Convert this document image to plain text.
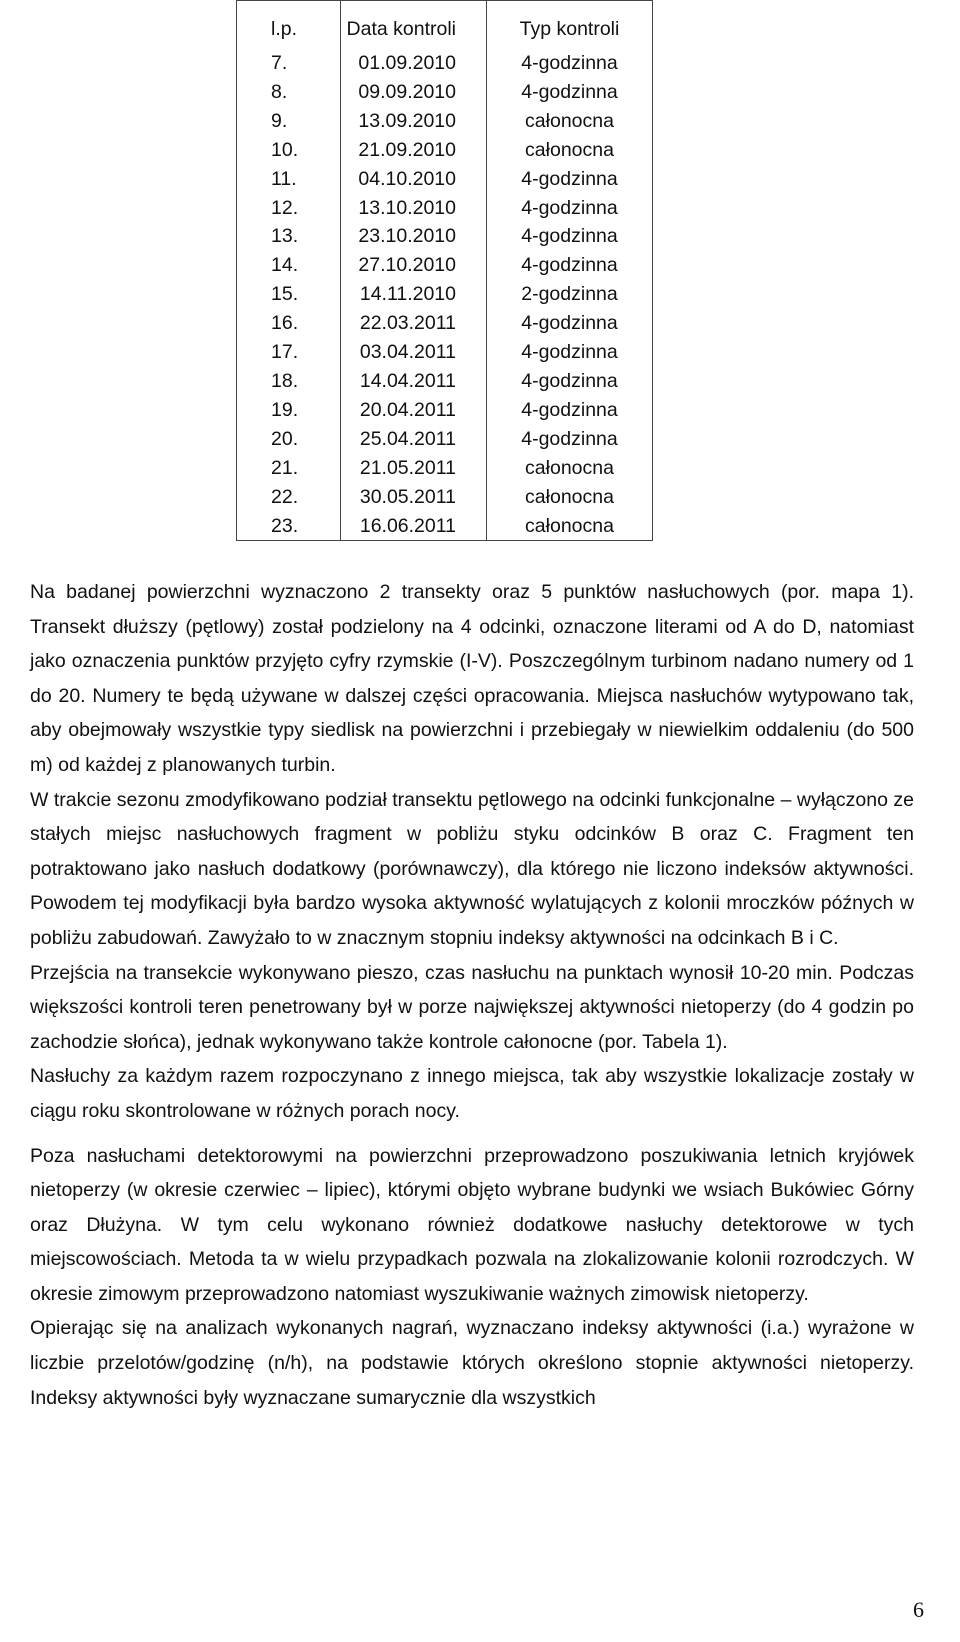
l.p.	Data kontroli	Typ kontroli
7.	01.09.2010	4-godzinna
8.	09.09.2010	4-godzinna
9.	13.09.2010	całonocna
10.	21.09.2010	całonocna
11.	04.10.2010	4-godzinna
12.	13.10.2010	4-godzinna
13.	23.10.2010	4-godzinna
14.	27.10.2010	4-godzinna
15.	14.11.2010	2-godzinna
16.	22.03.2011	4-godzinna
17.	03.04.2011	4-godzinna
18.	14.04.2011	4-godzinna
19.	20.04.2011	4-godzinna
20.	25.04.2011	4-godzinna
21.	21.05.2011	całonocna
22.	30.05.2011	całonocna
23.	16.06.2011	całonocna

Na badanej powierzchni wyznaczono 2 transekty oraz 5 punktów nasłuchowych (por. mapa 1). Transekt dłuższy (pętlowy) został podzielony na 4 odcinki, oznaczone literami od A do D, natomiast jako oznaczenia punktów przyjęto cyfry rzymskie (I-V). Poszczególnym turbinom nadano numery od 1 do 20. Numery te będą używane w dalszej części opracowania. Miejsca nasłuchów wytypowano tak, aby obejmowały wszystkie typy siedlisk na powierzchni i przebiegały w niewielkim oddaleniu (do 500 m) od każdej z planowanych turbin.

W trakcie sezonu zmodyfikowano podział transektu pętlowego na odcinki funkcjonalne – wyłączono ze stałych miejsc nasłuchowych fragment w pobliżu styku odcinków B oraz C. Fragment ten potraktowano jako nasłuch dodatkowy (porównawczy), dla którego nie liczono indeksów aktywności. Powodem tej modyfikacji była bardzo wysoka aktywność wylatujących z kolonii mroczków późnych w pobliżu zabudowań. Zawyżało to w znacznym stopniu indeksy aktywności na odcinkach B i C.

Przejścia na transekcie wykonywano pieszo, czas nasłuchu na punktach wynosił 10-20 min. Podczas większości kontroli teren penetrowany był w porze największej aktywności nietoperzy (do 4 godzin po zachodzie słońca), jednak wykonywano także kontrole całonocne (por. Tabela 1).

Nasłuchy za każdym razem rozpoczynano z innego miejsca, tak aby wszystkie lokalizacje zostały w ciągu roku skontrolowane w różnych porach nocy.

Poza nasłuchami detektorowymi na powierzchni przeprowadzono poszukiwania letnich kryjówek nietoperzy (w okresie czerwiec – lipiec), którymi objęto wybrane budynki we wsiach Bukówiec Górny oraz Dłużyna. W tym celu wykonano również dodatkowe nasłuchy detektorowe w tych miejscowościach. Metoda ta w wielu przypadkach pozwala na zlokalizowanie kolonii rozrodczych. W okresie zimowym przeprowadzono natomiast wyszukiwanie ważnych zimowisk nietoperzy.

Opierając się na analizach wykonanych nagrań, wyznaczano indeksy aktywności (i.a.) wyrażone w liczbie przelotów/godzinę (n/h), na podstawie których określono stopnie aktywności nietoperzy. Indeksy aktywności były wyznaczane sumarycznie dla wszystkich

6
